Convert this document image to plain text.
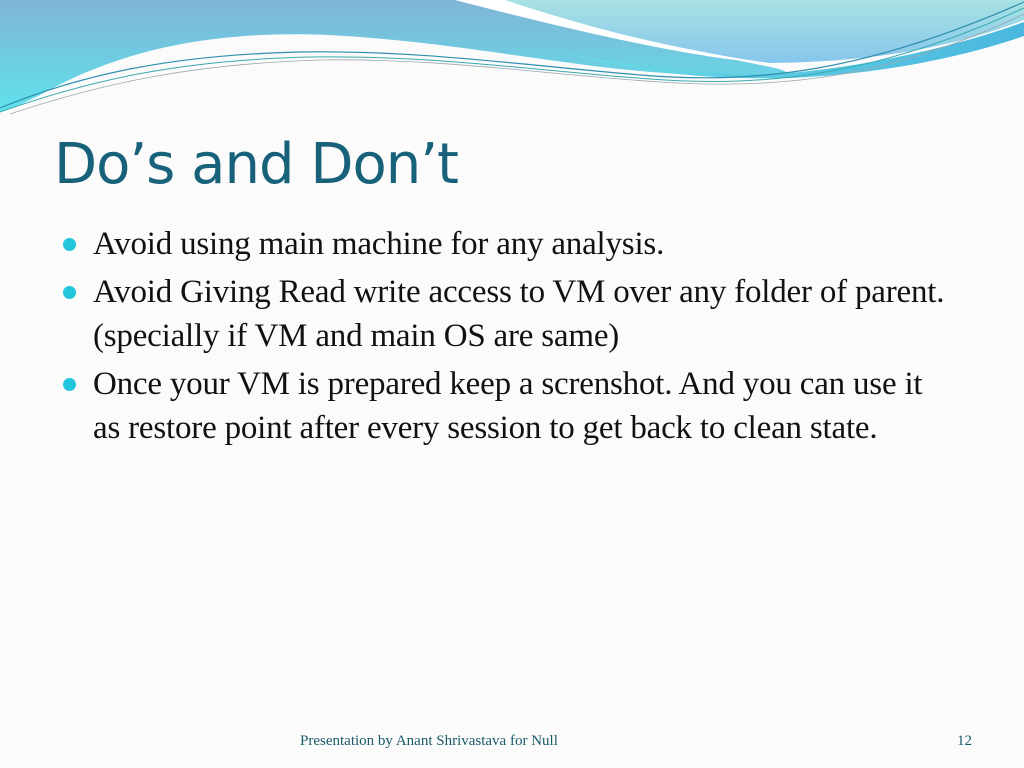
Do’s and Don’t
Avoid using main machine for any analysis.
Avoid Giving Read write access to VM over any folder of parent. (specially if VM and main OS are same)
Once your VM is prepared keep a screnshot. And you can use it as restore point after every session to get back to clean state.
Presentation by Anant Shrivastava for Null	12
